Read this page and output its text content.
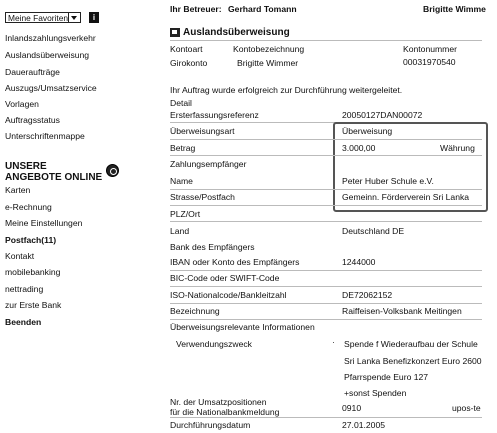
Meine Favoriten	i
Inlandszahlungsverkehr
Auslandsüberweisung
Daueraufträge
Auszugs/Umsatzservice
Vorlagen
Auftragsstatus
Unterschriftenmappe
UNSERE
ANGEBOTE ONLINE
Karten
e-Rechnung
Meine Einstellungen
Postfach(11)
Kontakt
mobilebanking
nettrading
zur Erste Bank
Beenden
Ihr Betreuer: Gerhard Tomann	Brigitte Wimme
Auslandsüberweisung
Kontoart	Kontobezeichnung	Kontonummer
Girokonto	Brigitte Wimmer	00031970540
Ihr Auftrag wurde erfolgreich zur Durchführung weitergeleitet.
Detail
Ersterfassungsreferenz	20050127DAN00072
Überweisungsart	Überweisung
Betrag	3.000,00	Währung
Zahlungsempfänger
Name	Peter Huber Schule e.V.
Strasse/Postfach	Gemeinn. Förderverein Sri Lanka
PLZ/Ort
Land	Deutschland DE
Bank des Empfängers
IBAN oder Konto des Empfängers	1244000
BIC-Code oder SWIFT-Code
ISO-Nationalcode/Bankleitzahl	DE72062152
Bezeichnung	Raiffeisen-Volksbank Meitingen
Überweisungsrelevante Informationen
Verwendungszweck	· Spende f Wiederaufbau der Schule
Sri Lanka Benefizkonzert Euro 2600
Pfarrspende Euro 127
+sonst Spenden
Nr. der Umsatzpositionen
für die Nationalbankmeldung	0910	upos-te
Durchführungsdatum	27.01.2005
